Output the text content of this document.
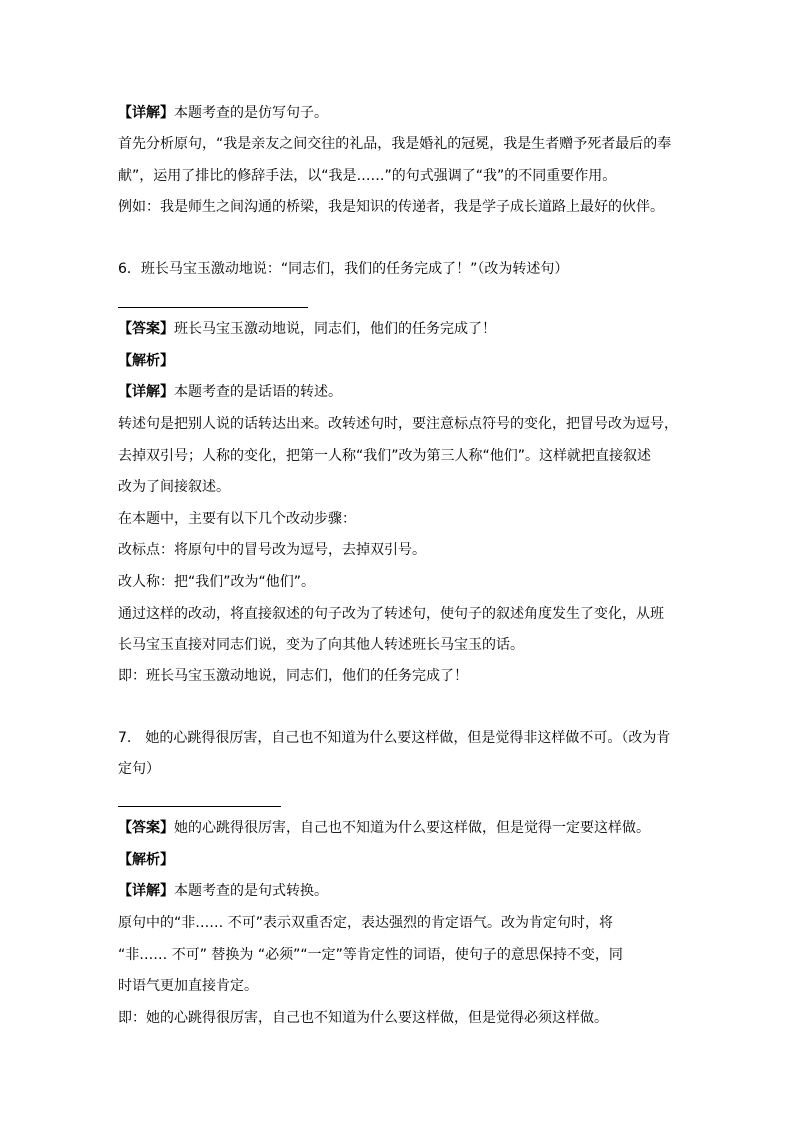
【详解】本题考查的是仿写句子。
首先分析原句，“我是亲友之间交往的礼品，我是婚礼的冠冕，我是生者赠予死者最后的奉
献”，运用了排比的修辞手法，以“我是……”的句式强调了“我”的不同重要作用。
例如：我是师生之间沟通的桥梁，我是知识的传递者，我是学子成长道路上最好的伙伴。
6．班长马宝玉激动地说：“同志们，我们的任务完成了！”（改为转述句）
【答案】班长马宝玉激动地说，同志们，他们的任务完成了！
【解析】
【详解】本题考查的是话语的转述。
转述句是把别人说的话转达出来。改转述句时，要注意标点符号的变化，把冒号改为逗号，
去掉双引号；人称的变化，把第一人称“我们”改为第三人称“他们”。这样就把直接叙述
改为了间接叙述。
在本题中，主要有以下几个改动步骤：
改标点：将原句中的冒号改为逗号，去掉双引号。
改人称：把“我们”改为“他们”。
通过这样的改动，将直接叙述的句子改为了转述句，使句子的叙述角度发生了变化，从班
长马宝玉直接对同志们说，变为了向其他人转述班长马宝玉的话。
即：班长马宝玉激动地说，同志们，他们的任务完成了！
7.　她的心跳得很厉害，自己也不知道为什么要这样做，但是觉得非这样做不可。（改为肯
定句）
【答案】她的心跳得很厉害，自己也不知道为什么要这样做，但是觉得一定要这样做。
【解析】
【详解】本题考查的是句式转换。
原句中的“非…… 不可”表示双重否定，表达强烈的肯定语气。改为肯定句时，将
“非…… 不可” 替换为 “必须”“一定”等肯定性的词语，使句子的意思保持不变，同
时语气更加直接肯定。
即：她的心跳得很厉害，自己也不知道为什么要这样做，但是觉得必须这样做。
